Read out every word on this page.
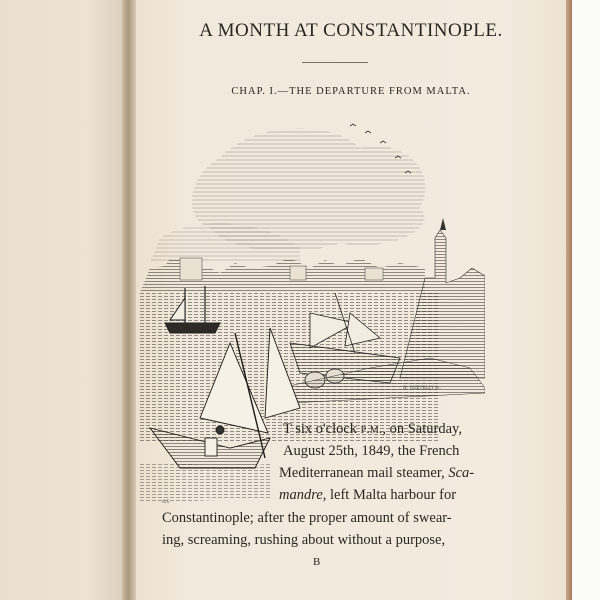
A MONTH AT CONSTANTINOPLE.
CHAP. I.—THE DEPARTURE FROM MALTA.
H. VIZETELLY Sc.
A.S.
T six o'clock p.m., on Saturday,
August 25th, 1849, the French
Mediterranean mail steamer, Sca-
mandre, left Malta harbour for
Constantinople; after the proper amount of swear-
ing, screaming, rushing about without a purpose,
B
